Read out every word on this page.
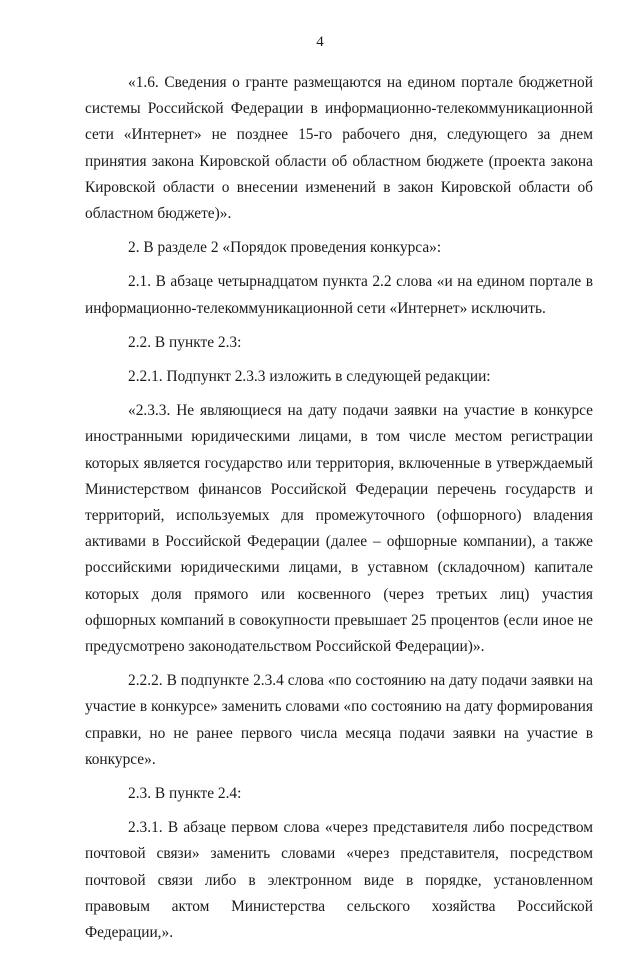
4

«1.6. Сведения о гранте размещаются на едином портале бюджетной системы Российской Федерации в информационно-телекоммуникационной сети «Интернет» не позднее 15-го рабочего дня, следующего за днем принятия закона Кировской области об областном бюджете (проекта закона Кировской области о внесении изменений в закон Кировской области об областном бюджете)».

2. В разделе 2 «Порядок проведения конкурса»:

2.1. В абзаце четырнадцатом пункта 2.2 слова «и на едином портале в информационно-телекоммуникационной сети «Интернет» исключить.

2.2. В пункте 2.3:

2.2.1. Подпункт 2.3.3 изложить в следующей редакции:

«2.3.3. Не являющиеся на дату подачи заявки на участие в конкурсе иностранными юридическими лицами, в том числе местом регистрации которых является государство или территория, включенные в утверждаемый Министерством финансов Российской Федерации перечень государств и территорий, используемых для промежуточного (офшорного) владения активами в Российской Федерации (далее – офшорные компании), а также российскими юридическими лицами, в уставном (складочном) капитале которых доля прямого или косвенного (через третьих лиц) участия офшорных компаний в совокупности превышает 25 процентов (если иное не предусмотрено законодательством Российской Федерации)».

2.2.2. В подпункте 2.3.4 слова «по состоянию на дату подачи заявки на участие в конкурсе» заменить словами «по состоянию на дату формирования справки, но не ранее первого числа месяца подачи заявки на участие в конкурсе».

2.3. В пункте 2.4:

2.3.1. В абзаце первом слова «через представителя либо посредством почтовой связи» заменить словами «через представителя, посредством почтовой связи либо в электронном виде в порядке, установленном правовым актом Министерства сельского хозяйства Российской Федерации,».
